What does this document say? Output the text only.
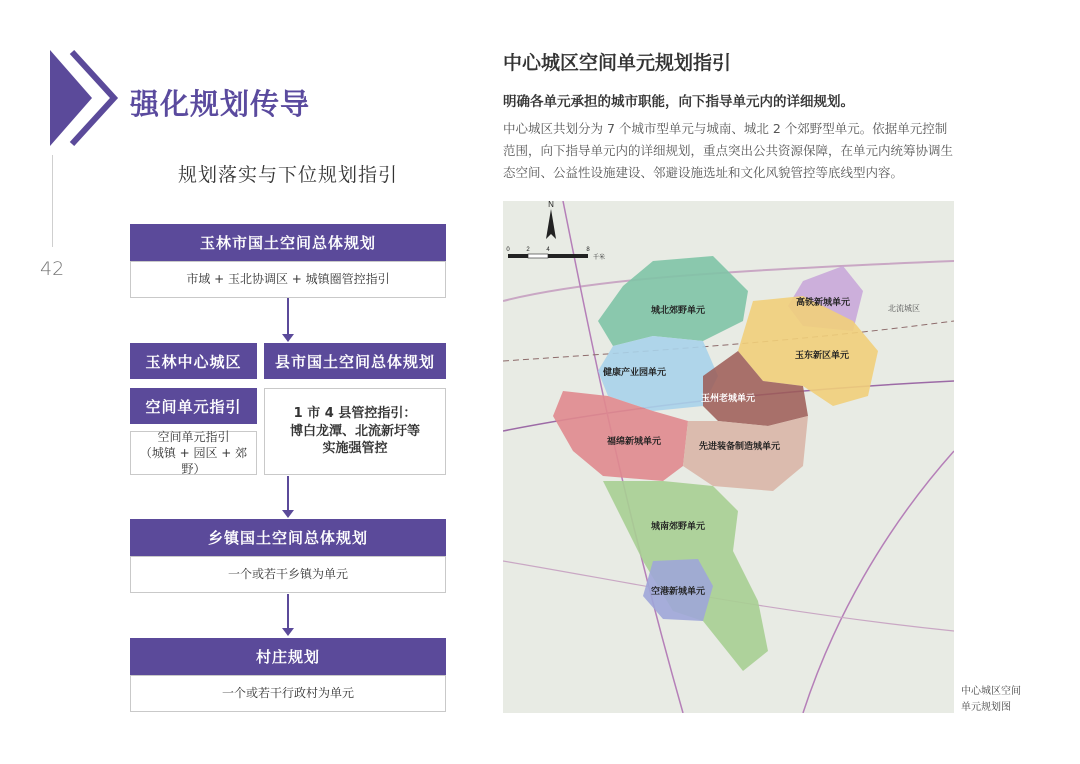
42
强化规划传导
规划落实与下位规划指引
玉林市国土空间总体规划
市域 + 玉北协调区 + 城镇圈管控指引
玉林中心城区
空间单元指引
空间单元指引
（城镇 + 园区 + 郊野）
县市国土空间总体规划
1 市 4 县管控指引：
博白龙潭、北流新圩等
实施强管控
乡镇国土空间总体规划
一个或若干乡镇为单元
村庄规划
一个或若干行政村为单元
中心城区空间单元规划指引
明确各单元承担的城市职能，向下指导单元内的详细规划。
中心城区共划分为 7 个城市型单元与城南、城北 2 个郊野型单元。依据单元控制范围，向下指导单元内的详细规划，重点突出公共资源保障，在单元内统筹协调生态空间、公益性设施建设、邻避设施选址和文化风貌管控等底线型内容。
N
0	2	4	8
千米
城北郊野单元
高铁新城单元
玉东新区单元
健康产业园单元
玉州老城单元
福绵新城单元	先进装备制造城单元
城南郊野单元
空港新城单元
北流城区
中心城区空间
单元规划图
